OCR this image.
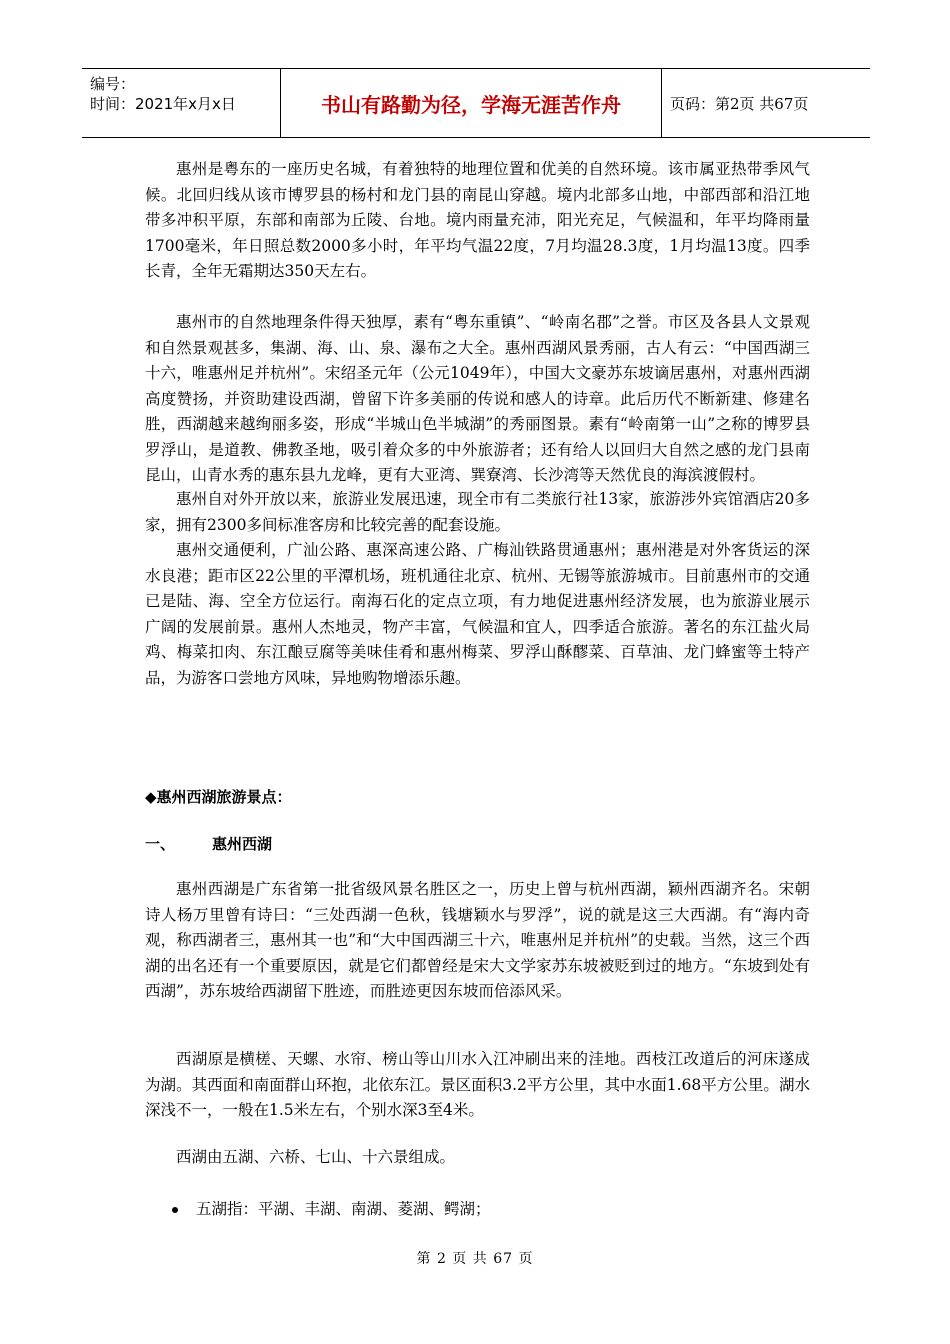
编号：
时间：2021年x月x日	书山有路勤为径，学海无涯苦作舟	页码：第2页 共67页

惠州是粤东的一座历史名城，有着独特的地理位置和优美的自然环境。该市属亚热带季风气候。北回归线从该市博罗县的杨村和龙门县的南昆山穿越。境内北部多山地，中部西部和沿江地带多冲积平原，东部和南部为丘陵、台地。境内雨量充沛，阳光充足，气候温和，年平均降雨量1700毫米，年日照总数2000多小时，年平均气温22度，7月均温28.3度，1月均温13度。四季长青，全年无霜期达350天左右。

惠州市的自然地理条件得天独厚，素有“粤东重镇”、“岭南名郡”之誉。市区及各县人文景观和自然景观甚多，集湖、海、山、泉、瀑布之大全。惠州西湖风景秀丽，古人有云：“中国西湖三十六，唯惠州足并杭州”。宋绍圣元年（公元1049年），中国大文豪苏东坡谪居惠州，对惠州西湖高度赞扬，并资助建设西湖，曾留下许多美丽的传说和感人的诗章。此后历代不断新建、修建名胜，西湖越来越绚丽多姿，形成“半城山色半城湖”的秀丽图景。素有“岭南第一山”之称的博罗县罗浮山，是道教、佛教圣地，吸引着众多的中外旅游者；还有给人以回归大自然之感的龙门县南昆山，山青水秀的惠东县九龙峰，更有大亚湾、巽寮湾、长沙湾等天然优良的海滨渡假村。

惠州自对外开放以来，旅游业发展迅速，现全市有二类旅行社13家，旅游涉外宾馆酒店20多家，拥有2300多间标准客房和比较完善的配套设施。

惠州交通便利，广汕公路、惠深高速公路、广梅汕铁路贯通惠州；惠州港是对外客货运的深水良港；距市区22公里的平潭机场，班机通往北京、杭州、无锡等旅游城市。目前惠州市的交通已是陆、海、空全方位运行。南海石化的定点立项，有力地促进惠州经济发展，也为旅游业展示广阔的发展前景。惠州人杰地灵，物产丰富，气候温和宜人，四季适合旅游。著名的东江盐火局鸡、梅菜扣肉、东江酿豆腐等美味佳肴和惠州梅菜、罗浮山酥醪菜、百草油、龙门蜂蜜等土特产品，为游客口尝地方风味，异地购物增添乐趣。

◆惠州西湖旅游景点：
一、 惠州西湖

惠州西湖是广东省第一批省级风景名胜区之一，历史上曾与杭州西湖，颖州西湖齐名。宋朝诗人杨万里曾有诗曰：“三处西湖一色秋，钱塘颖水与罗浮”，说的就是这三大西湖。有“海内奇观，称西湖者三，惠州其一也”和“大中国西湖三十六，唯惠州足并杭州”的史载。当然，这三个西湖的出名还有一个重要原因，就是它们都曾经是宋大文学家苏东坡被贬到过的地方。“东坡到处有西湖”，苏东坡给西湖留下胜迹，而胜迹更因东坡而倍添风采。

西湖原是横槎、天螺、水帘、榜山等山川水入江冲刷出来的洼地。西枝江改道后的河床遂成为湖。其西面和南面群山环抱，北依东江。景区面积3.2平方公里，其中水面1.68平方公里。湖水深浅不一，一般在1.5米左右，个别水深3至4米。

西湖由五湖、六桥、七山、十六景组成。

五湖指：平湖、丰湖、南湖、菱湖、鳄湖；
第 2 页 共 67 页
